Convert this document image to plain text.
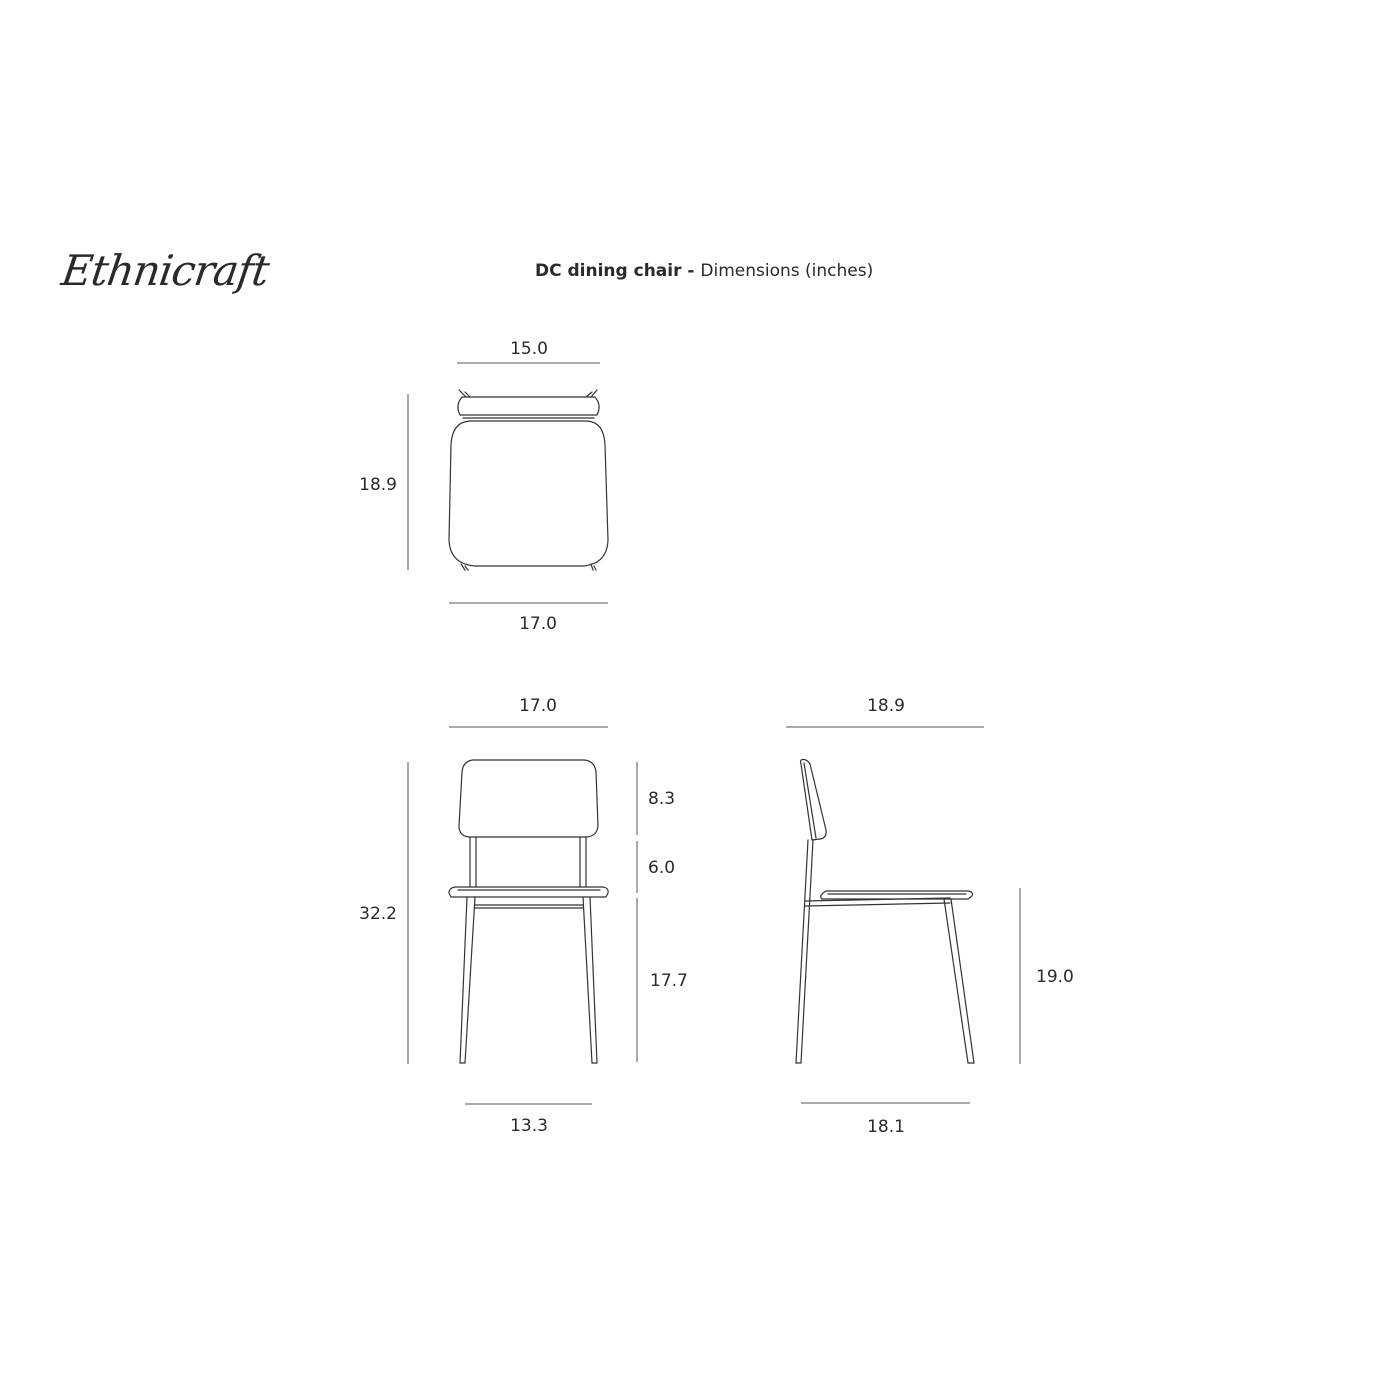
Ethnicraft	DC dining chair - Dimensions (inches)
15.0
18.9
17.0
17.0
32.2
8.3
6.0
17.7
13.3
18.9
19.0
18.1
